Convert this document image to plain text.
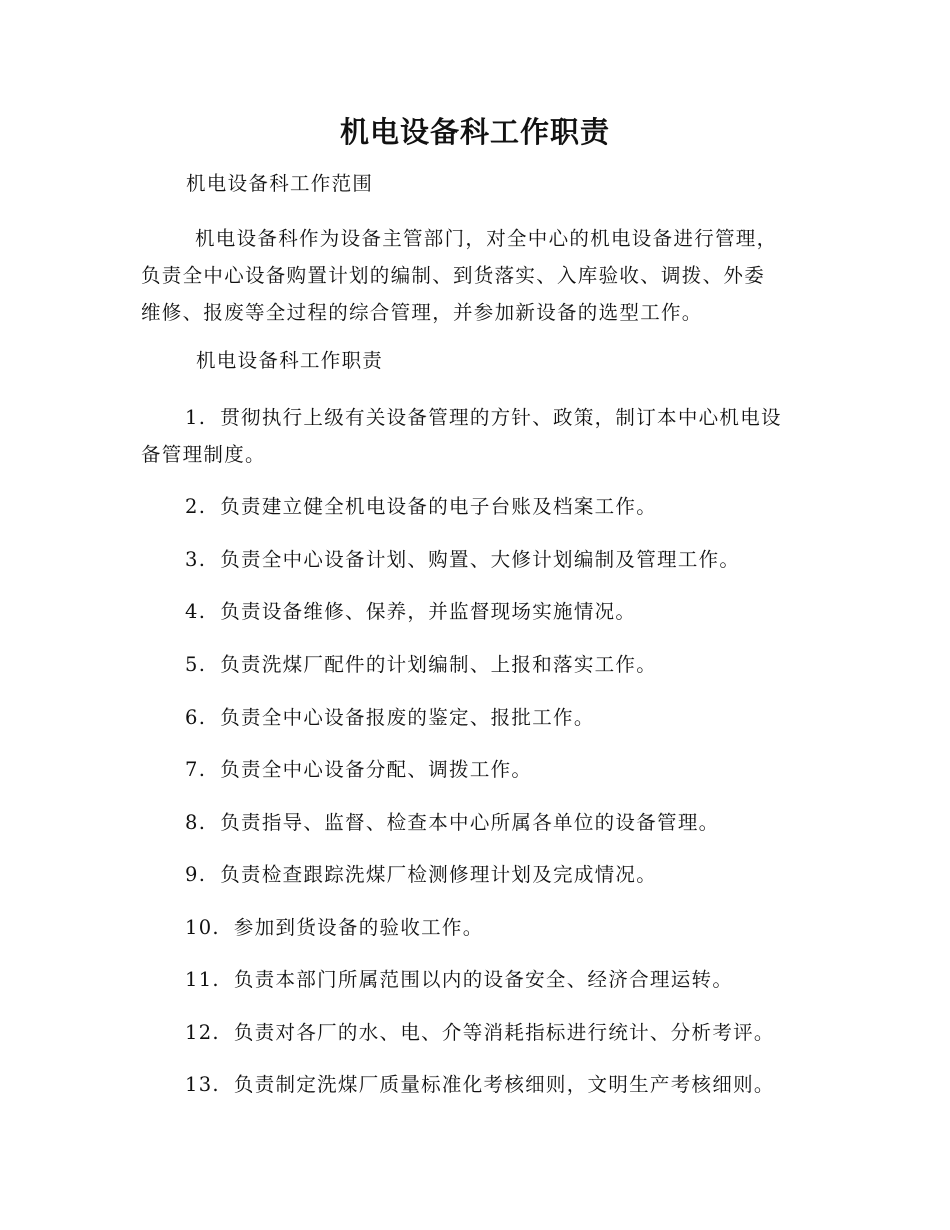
机电设备科工作职责
机电设备科工作范围
机电设备科作为设备主管部门，对全中心的机电设备进行管理，
负责全中心设备购置计划的编制、到货落实、入库验收、调拨、外委
维修、报废等全过程的综合管理，并参加新设备的选型工作。
机电设备科工作职责
1. 贯彻执行上级有关设备管理的方针、政策，制订本中心机电设
备管理制度。
2. 负责建立健全机电设备的电子台账及档案工作。
3. 负责全中心设备计划、购置、大修计划编制及管理工作。
4. 负责设备维修、保养，并监督现场实施情况。
5. 负责洗煤厂配件的计划编制、上报和落实工作。
6. 负责全中心设备报废的鉴定、报批工作。
7. 负责全中心设备分配、调拨工作。
8. 负责指导、监督、检查本中心所属各单位的设备管理。
9. 负责检查跟踪洗煤厂检测修理计划及完成情况。
10. 参加到货设备的验收工作。
11. 负责本部门所属范围以内的设备安全、经济合理运转。
12. 负责对各厂的水、电、介等消耗指标进行统计、分析考评。
13. 负责制定洗煤厂质量标准化考核细则，文明生产考核细则。
